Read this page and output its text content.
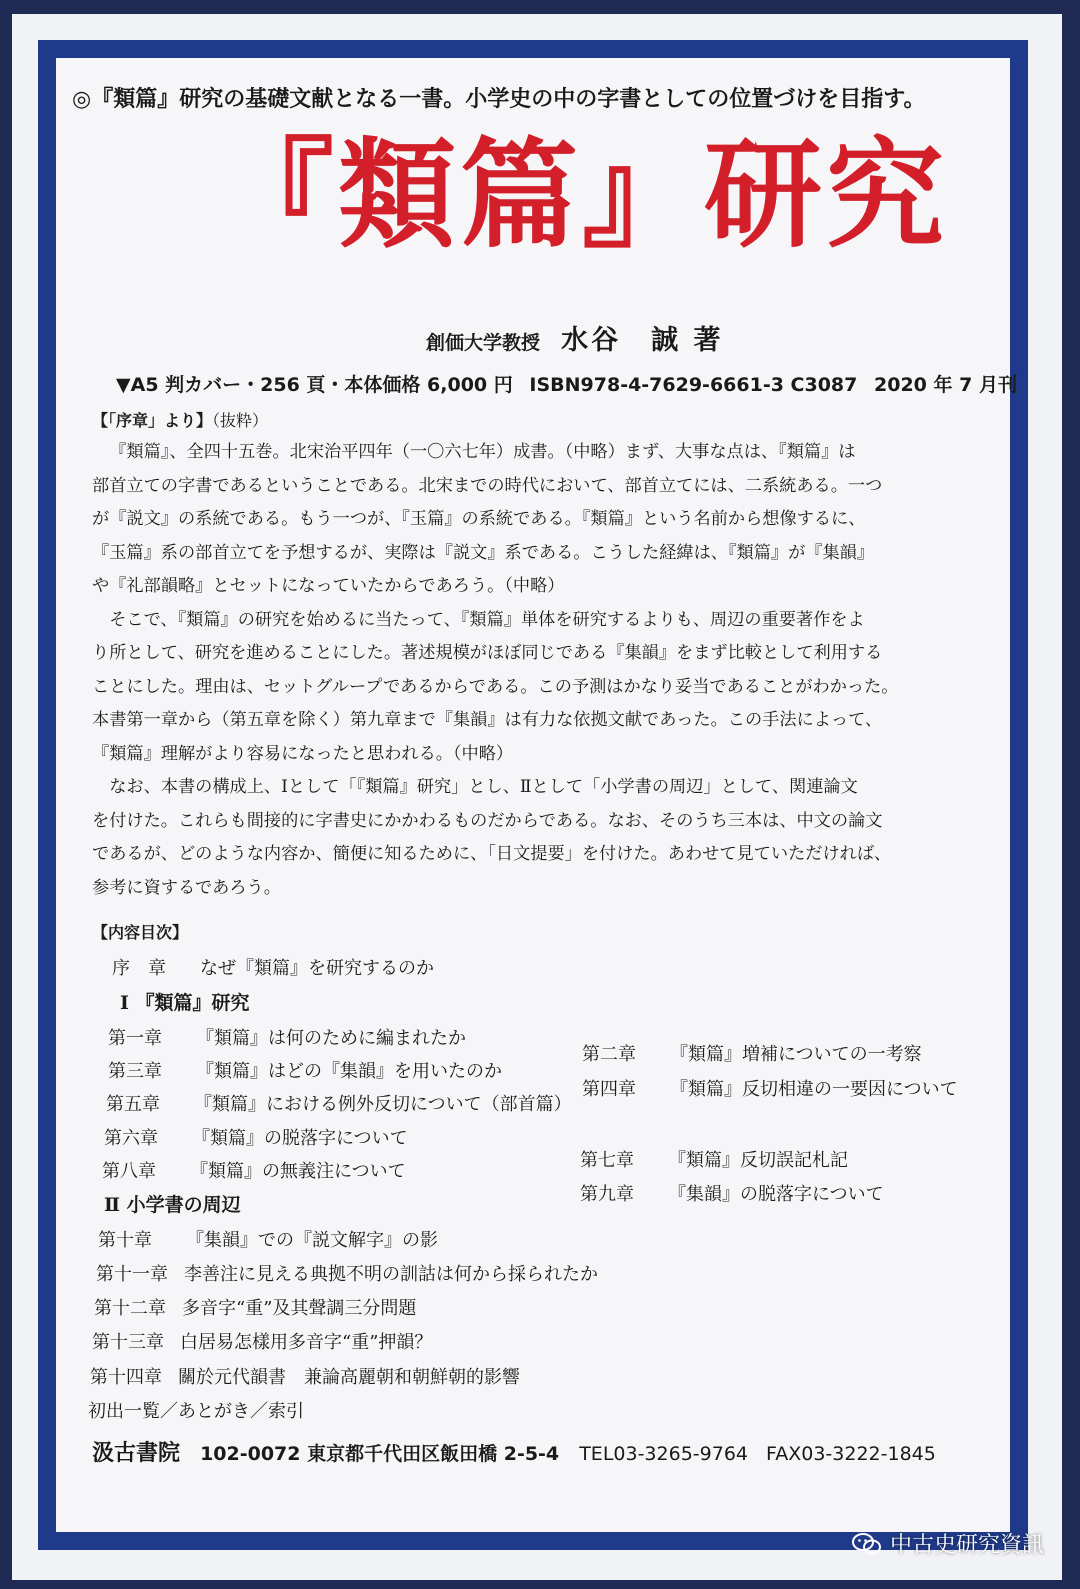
◎『類篇』研究の基礎文献となる一書。小学史の中の字書としての位置づけを目指す。
『類篇』研究
創価大学教授 水谷　誠 著
▼A5 判カバー・256 頁・本体価格 6,000 円 ISBN978-4-7629-6661-3 C3087 2020 年 7 月刊
【「序章」より】（抜粋）

『類篇』、全四十五巻。北宋治平四年（一〇六七年）成書。（中略）まず、大事な点は、『類篇』は

部首立ての字書であるということである。北宋までの時代において、部首立てには、二系統ある。一つ

が『説文』の系統である。もう一つが、『玉篇』の系統である。『類篇』という名前から想像するに、

『玉篇』系の部首立てを予想するが、実際は『説文』系である。こうした経緯は、『類篇』が『集韻』

や『礼部韻略』とセットになっていたからであろう。（中略）

そこで、『類篇』の研究を始めるに当たって、『類篇』単体を研究するよりも、周辺の重要著作をよ

り所として、研究を進めることにした。著述規模がほぼ同じである『集韻』をまず比較として利用する

ことにした。理由は、セットグループであるからである。この予測はかなり妥当であることがわかった。

本書第一章から（第五章を除く）第九章まで『集韻』は有力な依拠文献であった。この手法によって、

『類篇』理解がより容易になったと思われる。（中略）

なお、本書の構成上、Ⅰとして「『類篇』研究」とし、Ⅱとして「小学書の周辺」として、関連論文

を付けた。これらも間接的に字書史にかかわるものだからである。なお、そのうち三本は、中文の論文

であるが、どのような内容か、簡便に知るために、「日文提要」を付けた。あわせて見ていただければ、

参考に資するであろう。

【内容目次】
序　章 なぜ『類篇』を研究するのか
Ⅰ 『類篇』研究
第一章 『類篇』は何のために編まれたか
第三章 『類篇』はどの『集韻』を用いたのか
第五章 『類篇』における例外反切について（部首篇）
第六章 『類篇』の脱落字について
第八章 『類篇』の無義注について
第二章 『類篇』増補についての一考察
第四章 『類篇』反切相違の一要因について
第七章 『類篇』反切誤記札記
第九章 『集韻』の脱落字について
Ⅱ 小学書の周辺
第十章 『集韻』での『説文解字』の影
第十一章 李善注に見える典拠不明の訓詁は何から採られたか
第十二章 多音字“重”及其聲調三分問題
第十三章 白居易怎樣用多音字“重”押韻？
第十四章 關於元代韻書　兼論高麗朝和朝鮮朝的影響
初出一覧／あとがき／索引
汲古書院 102-0072 東京都千代田区飯田橋 2-5-4 TEL03-3265-9764 FAX03-3222-1845
中古史研究資訊
